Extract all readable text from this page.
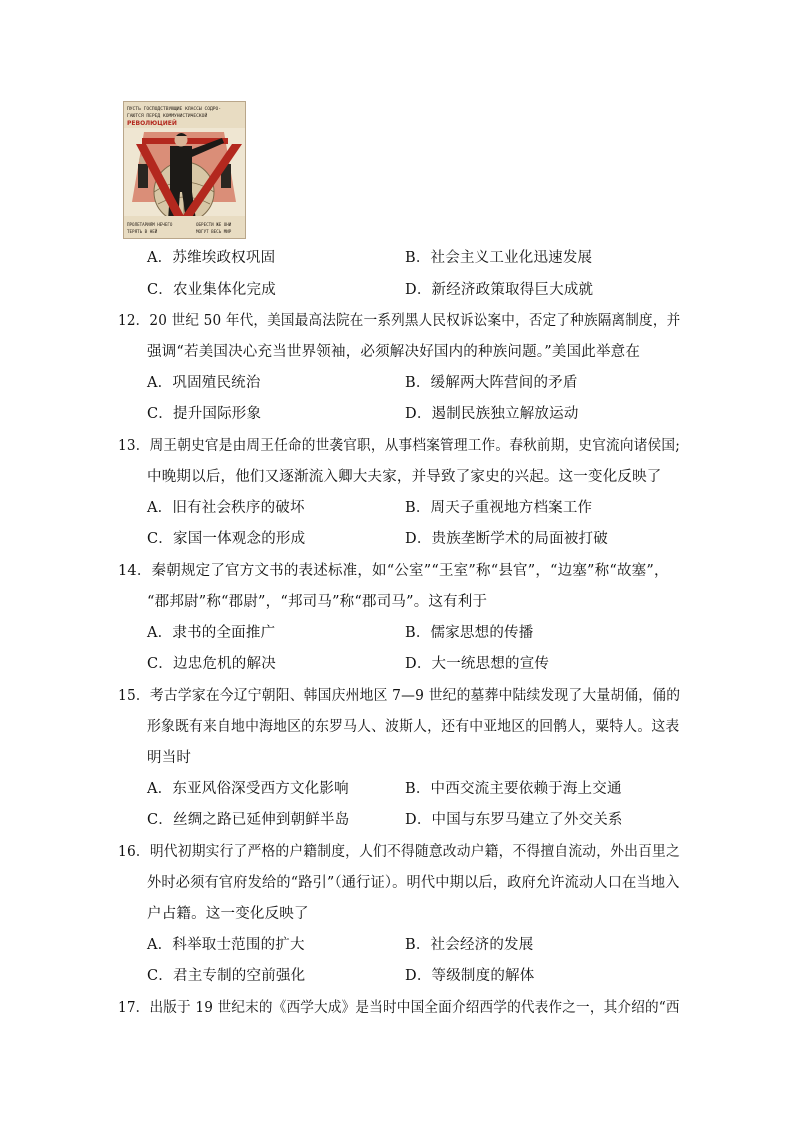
ПУСТЬ ГОСПОДСТВУЮЩИЕ КЛАССЫ СОДРО-
ГАЮТСЯ ПЕРЕД КОММУНИСТИЧЕСКОЙ
РЕВОЛЮЦИЕЙ
ПРОЛЕТАРИЯМ НЕЧЕГО
ТЕРЯТЬ В НЕЙ
ОБРЕСТИ ЖЕ ОНИ
МОГУТ ВЕСЬ МИР
A．苏维埃政权巩固	B．社会主义工业化迅速发展
C．农业集体化完成	D．新经济政策取得巨大成就
12．20 世纪 50 年代，美国最高法院在一系列黑人民权诉讼案中，否定了种族隔离制度，并
强调“若美国决心充当世界领袖，必须解决好国内的种族问题。”美国此举意在
A．巩固殖民统治	B．缓解两大阵营间的矛盾
C．提升国际形象	D．遏制民族独立解放运动
13．周王朝史官是由周王任命的世袭官职，从事档案管理工作。春秋前期，史官流向诸侯国;
中晚期以后，他们又逐渐流入卿大夫家，并导致了家史的兴起。这一变化反映了
A．旧有社会秩序的破坏	B．周天子重视地方档案工作
C．家国一体观念的形成	D．贵族垄断学术的局面被打破
14．秦朝规定了官方文书的表述标准，如“公室”“王室”称“县官”，“边塞”称“故塞”，
“郡邦尉”称“郡尉”，“邦司马”称“郡司马”。这有利于
A．隶书的全面推广	B．儒家思想的传播
C．边忠危机的解决	D．大一统思想的宣传
15．考古学家在今辽宁朝阳、韩国庆州地区 7—9 世纪的墓葬中陆续发现了大量胡俑，俑的
形象既有来自地中海地区的东罗马人、波斯人，还有中亚地区的回鹘人，粟特人。这表
明当时
A．东亚风俗深受西方文化影响	B．中西交流主要依赖于海上交通
C．丝绸之路已延伸到朝鲜半岛	D．中国与东罗马建立了外交关系
16．明代初期实行了严格的户籍制度，人们不得随意改动户籍，不得擅自流动，外出百里之
外时必须有官府发给的“路引”（通行证）。明代中期以后，政府允许流动人口在当地入
户占籍。这一变化反映了
A．科举取士范围的扩大	B．社会经济的发展
C．君主专制的空前强化	D．等级制度的解体
17．出版于 19 世纪末的《西学大成》是当时中国全面介绍西学的代表作之一，其介绍的“西
